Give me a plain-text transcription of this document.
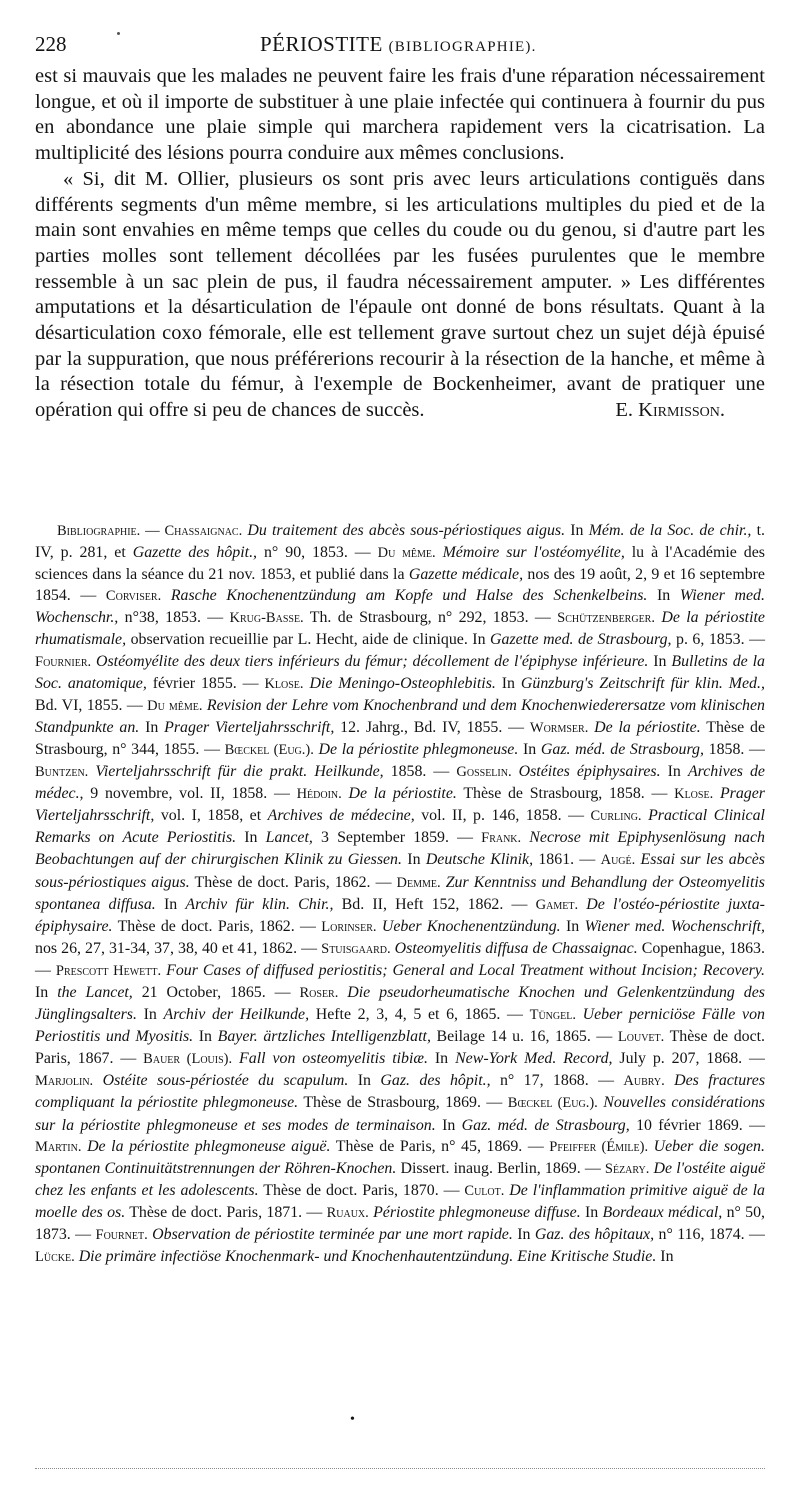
228	PÉRIOSTITE (BIBLIOGRAPHIE).

est si mauvais que les malades ne peuvent faire les frais d'une réparation nécessairement longue, et où il importe de substituer à une plaie infectée qui continuera à fournir du pus en abondance une plaie simple qui marchera rapidement vers la cicatrisation. La multiplicité des lésions pourra conduire aux mêmes conclusions.

« Si, dit M. Ollier, plusieurs os sont pris avec leurs articulations contiguës dans différents segments d'un même membre, si les articulations multiples du pied et de la main sont envahies en même temps que celles du coude ou du genou, si d'autre part les parties molles sont tellement décollées par les fusées purulentes que le membre ressemble à un sac plein de pus, il faudra nécessairement amputer. » Les différentes amputations et la désarticulation de l'épaule ont donné de bons résultats. Quant à la désarticulation coxo fémorale, elle est tellement grave surtout chez un sujet déjà épuisé par la suppuration, que nous préférerions recourir à la résection de la hanche, et même à la résection totale du fémur, à l'exemple de Bockenheimer, avant de pratiquer une opération qui offre si peu de chances de succès.	E. Kirmisson.

Bibliographie. — Chassaignac. Du traitement des abcès sous-périostiques aigus. In Mém. de la Soc. de chir., t. IV, p. 281, et Gazette des hôpit., n° 90, 1853. — Du même. Mémoire sur l'ostéomyélite, lu à l'Académie des sciences dans la séance du 21 nov. 1853, et publié dans la Gazette médicale, nos des 19 août, 2, 9 et 16 septembre 1854. — Corviser. Rasche Knochenentzündung am Kopfe und Halse des Schenkelbeins. In Wiener med. Wochenschr., n°38, 1853. — Krug-Basse. Th. de Strasbourg, n° 292, 1853. — Schützenberger. De la périostite rhumatismale, observation recueillie par L. Hecht, aide de clinique. In Gazette med. de Strasbourg, p. 6, 1853. — Fournier. Ostéomyélite des deux tiers inférieurs du fémur; décollement de l'épiphyse inférieure. In Bulletins de la Soc. anatomique, février 1855. — Klose. Die Meningo-Osteophlebitis. In Günzburg's Zeitschrift für klin. Med., Bd. VI, 1855. — Du même. Revision der Lehre vom Knochenbrand und dem Knochenwiederersatze vom klinischen Standpunkte an. In Prager Vierteljahrsschrift, 12. Jahrg., Bd. IV, 1855. — Wormser. De la périostite. Thèse de Strasbourg, n° 344, 1855. — Bœckel (Eug.). De la périostite phlegmoneuse. In Gaz. méd. de Strasbourg, 1858. — Buntzen. Vierteljahrsschrift für die prakt. Heilkunde, 1858. — Gosselin. Ostéites épiphysaires. In Archives de médec., 9 novembre, vol. II, 1858. — Hédoin. De la périostite. Thèse de Strasbourg, 1858. — Klose. Prager Vierteljahrsschrift, vol. I, 1858, et Archives de médecine, vol. II, p. 146, 1858. — Curling. Practical Clinical Remarks on Acute Periostitis. In Lancet, 3 September 1859. — Frank. Necrose mit Epiphysenlösung nach Beobachtungen auf der chirurgischen Klinik zu Giessen. In Deutsche Klinik, 1861. — Augé. Essai sur les abcès sous-périostiques aigus. Thèse de doct. Paris, 1862. — Demme. Zur Kenntniss und Behandlung der Osteomyelitis spontanea diffusa. In Archiv für klin. Chir., Bd. II, Heft 152, 1862. — Gamet. De l'ostéo-périostite juxta-épiphysaire. Thèse de doct. Paris, 1862. — Lorinser. Ueber Knochenentzündung. In Wiener med. Wochenschrift, nos 26, 27, 31-34, 37, 38, 40 et 41, 1862. — Stuisgaard. Osteomyelitis diffusa de Chassaignac. Copenhague, 1863. — Prescott Hewett. Four Cases of diffused periostitis; General and Local Treatment without Incision; Recovery. In the Lancet, 21 October, 1865. — Roser. Die pseudorheumatische Knochen und Gelenkentzündung des Jünglingsalters. In Archiv der Heilkunde, Hefte 2, 3, 4, 5 et 6, 1865. — Tüngel. Ueber perniciöse Fälle von Periostitis und Myositis. In Bayer. ärtzliches Intelligenzblatt, Beilage 14 u. 16, 1865. — Louvet. Thèse de doct. Paris, 1867. — Bauer (Louis). Fall von osteomyelitis tibiæ. In New-York Med. Record, July p. 207, 1868. — Marjolin. Ostéite sous-périostée du scapulum. In Gaz. des hôpit., n° 17, 1868. — Aubry. Des fractures compliquant la périostite phlegmoneuse. Thèse de Strasbourg, 1869. — Bœckel (Eug.). Nouvelles considérations sur la périostite phlegmoneuse et ses modes de terminaison. In Gaz. méd. de Strasbourg, 10 février 1869. — Martin. De la périostite phlegmoneuse aiguë. Thèse de Paris, n° 45, 1869. — Pfeiffer (Émile). Ueber die sogen. spontanen Continuitätstrennungen der Röhren-Knochen. Dissert. inaug. Berlin, 1869. — Sézary. De l'ostéite aiguë chez les enfants et les adolescents. Thèse de doct. Paris, 1870. — Culot. De l'inflammation primitive aiguë de la moelle des os. Thèse de doct. Paris, 1871. — Ruaux. Périostite phlegmoneuse diffuse. In Bordeaux médical, n° 50, 1873. — Fournet. Observation de périostite terminée par une mort rapide. In Gaz. des hôpitaux, n° 116, 1874. — Lücke. Die primäre infectiöse Knochenmark- und Knochenhautentzündung. Eine Kritische Studie. In
•
